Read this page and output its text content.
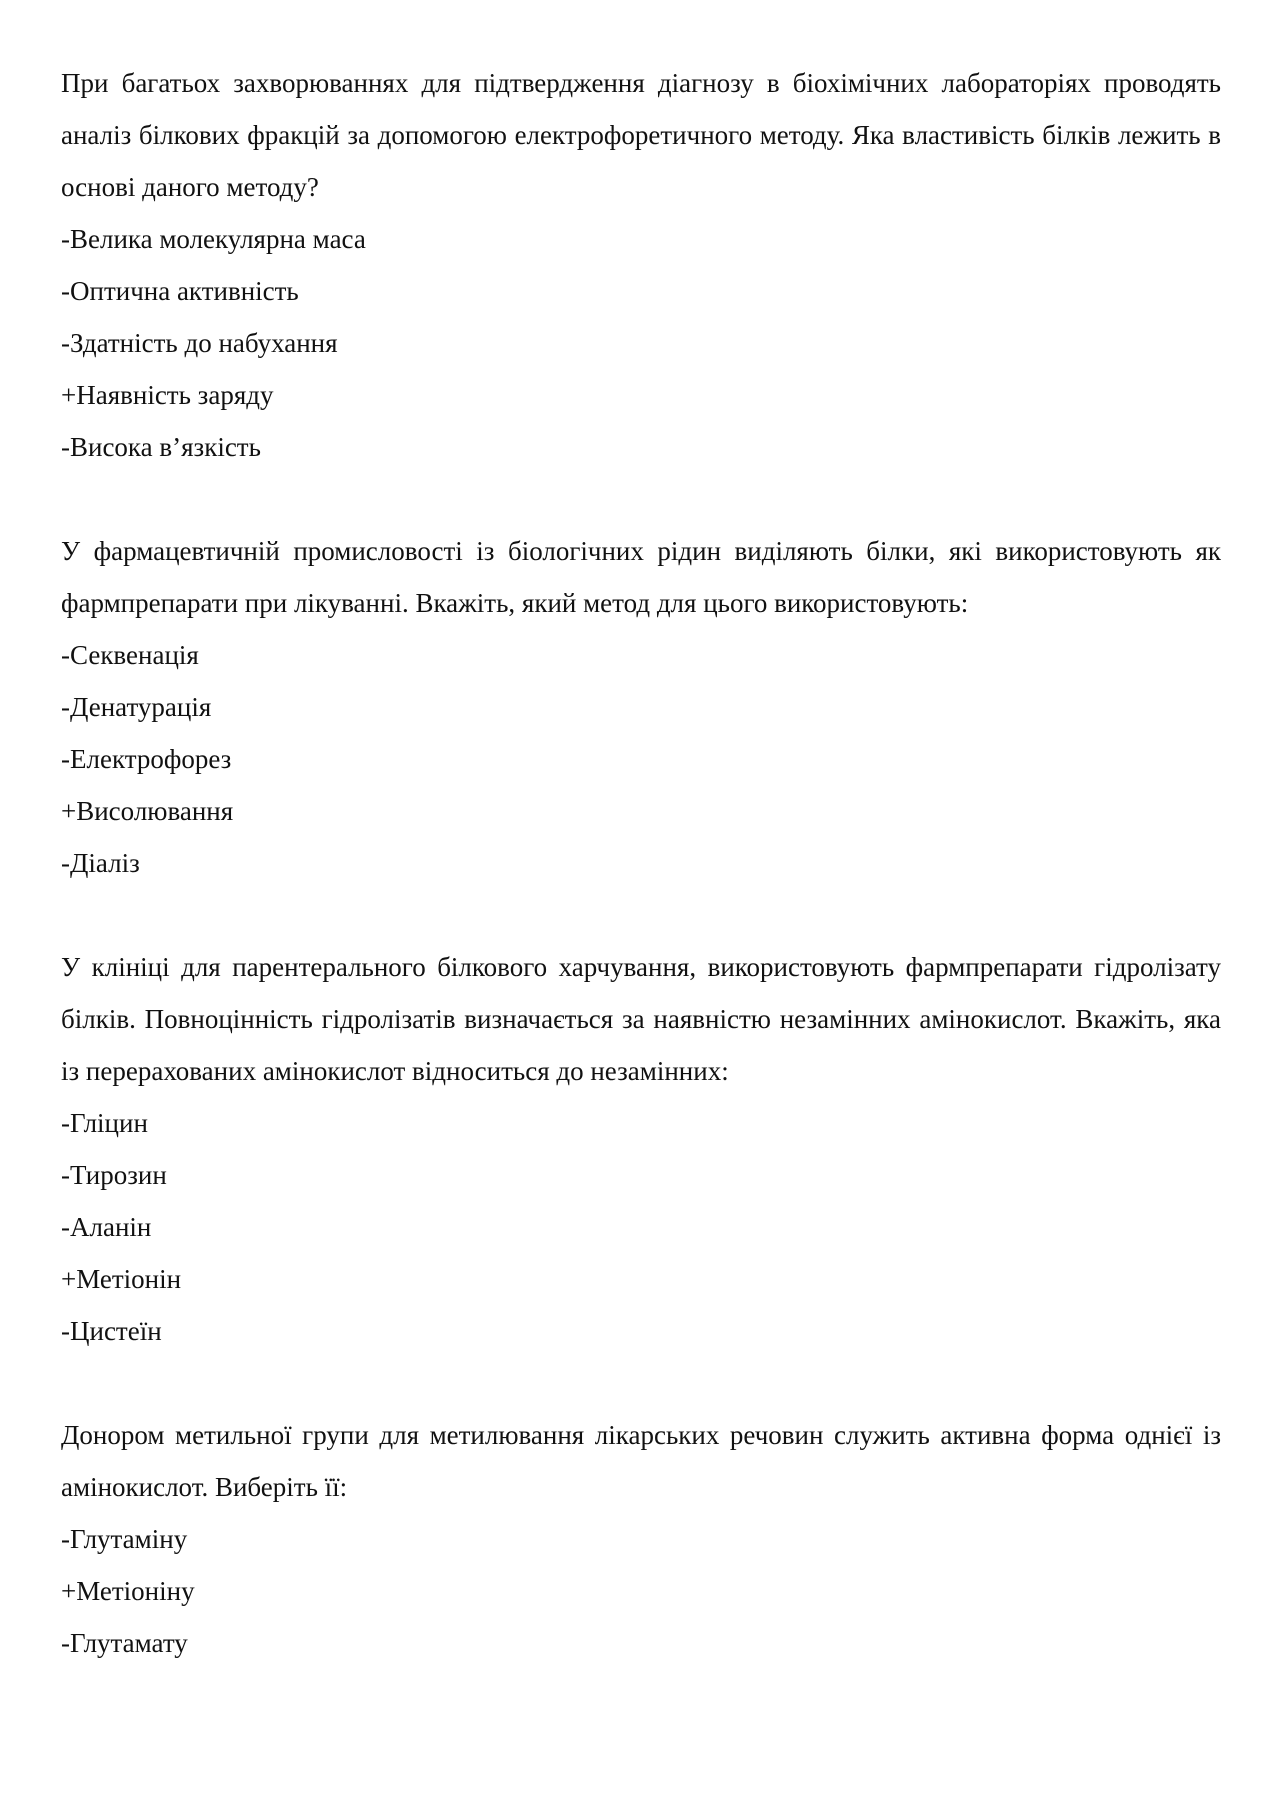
При багатьох захворюваннях для підтвердження діагнозу в біохімічних лабораторіях проводять аналіз білкових фракцій за допомогою електрофоретичного методу. Яка властивість білків лежить в основі даного методу?

-Велика молекулярна маса

-Оптична активність

-Здатність до набухання

+Наявність заряду

-Висока в’язкість

У фармацевтичній промисловості із біологічних рідин виділяють білки, які використовують як фармпрепарати при лікуванні. Вкажіть, який метод для цього використовують:

-Секвенація

-Денатурація

-Електрофорез

+Висолювання

-Діаліз

У клініці для парентерального білкового харчування, використовують фармпрепарати гідролізату білків. Повноцінність гідролізатів визначається за наявністю незамінних амінокислот. Вкажіть, яка із перерахованих амінокислот відноситься до незамінних:

-Гліцин

-Тирозин

-Аланін

+Метіонін

-Цистеїн

Донором метильної групи для метилювання лікарських речовин служить активна форма однієї із амінокислот. Виберіть її:

-Глутаміну

+Метіоніну

-Глутамату
